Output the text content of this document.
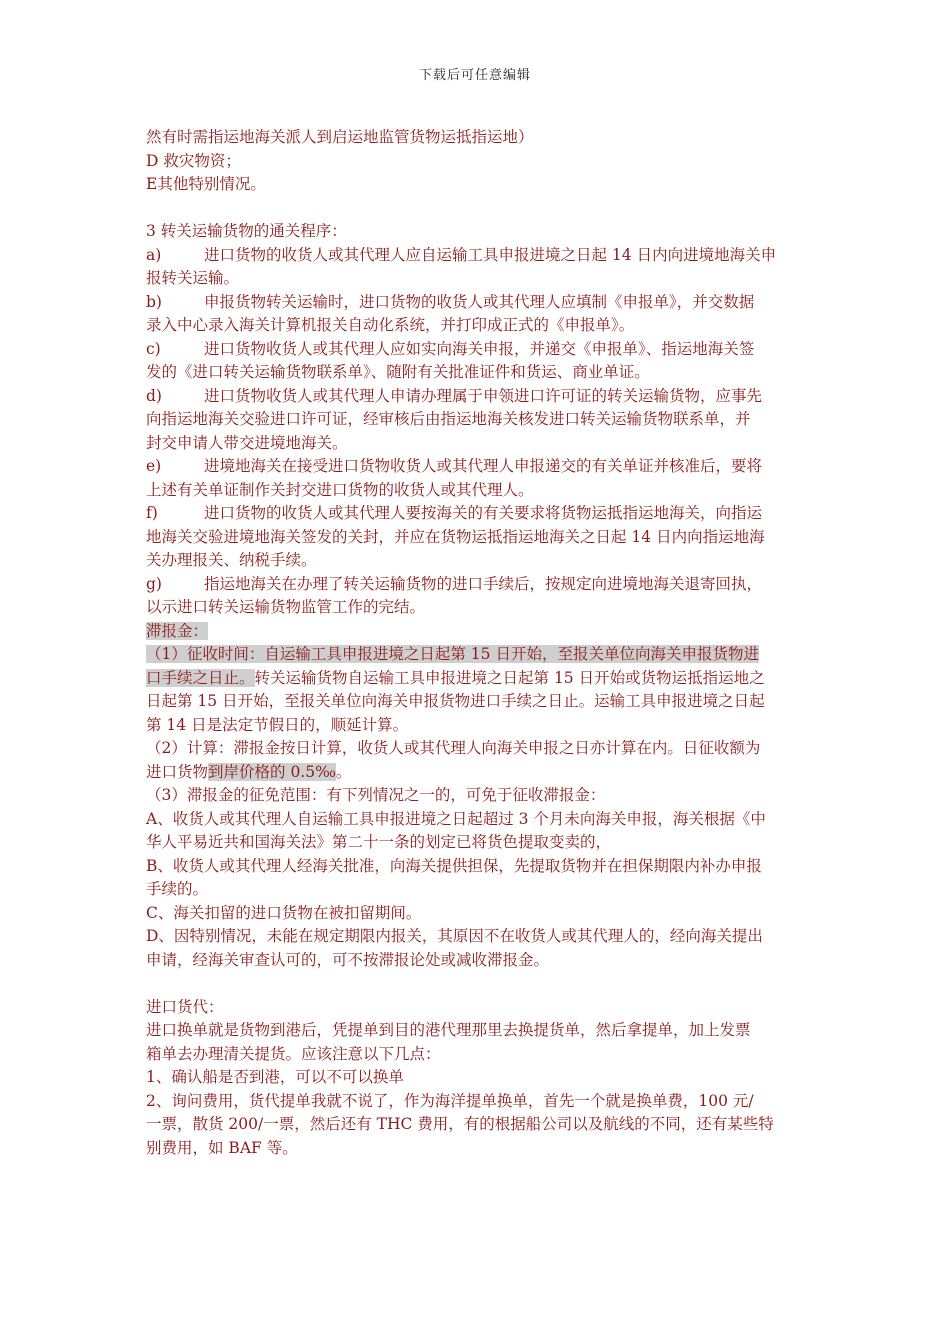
下载后可任意编辑
然有时需指运地海关派人到启运地监管货物运抵指运地）
D 救灾物资；
E其他特别情况。
3 转关运输货物的通关程序：
a)	进口货物的收货人或其代理人应自运输工具申报进境之日起 14 日内向进境地海关申
报转关运输。
b)	申报货物转关运输时，进口货物的收货人或其代理人应填制《申报单》，并交数据
录入中心录入海关计算机报关自动化系统，并打印成正式的《申报单》。
c)	进口货物收货人或其代理人应如实向海关申报，并递交《申报单》、指运地海关签
发的《进口转关运输货物联系单》、随附有关批准证件和货运、商业单证。
d)	进口货物收货人或其代理人申请办理属于申领进口许可证的转关运输货物，应事先
向指运地海关交验进口许可证，经审核后由指运地海关核发进口转关运输货物联系单，并
封交申请人带交进境地海关。
e)	进境地海关在接受进口货物收货人或其代理人申报递交的有关单证并核准后，要将
上述有关单证制作关封交进口货物的收货人或其代理人。
f)	进口货物的收货人或其代理人要按海关的有关要求将货物运抵指运地海关，向指运
地海关交验进境地海关签发的关封，并应在货物运抵指运地海关之日起 14 日内向指运地海
关办理报关、纳税手续。
g)	指运地海关在办理了转关运输货物的进口手续后，按规定向进境地海关退寄回执，
以示进口转关运输货物监管工作的完结。
滞报金：
（1）征收时间：自运输工具申报进境之日起第 15 日开始，至报关单位向海关申报货物进
口手续之日止。转关运输货物自运输工具申报进境之日起第 15 日开始或货物运抵指运地之
日起第 15 日开始，至报关单位向海关申报货物进口手续之日止。运输工具申报进境之日起
第 14 日是法定节假日的，顺延计算。
（2）计算：滞报金按日计算，收货人或其代理人向海关申报之日亦计算在内。日征收额为
进口货物到岸价格的 0.5‰。
（3）滞报金的征免范围：有下列情况之一的，可免于征收滞报金：
A、收货人或其代理人自运输工具申报进境之日起超过 3 个月未向海关申报，海关根据《中
华人平易近共和国海关法》第二十一条的划定已将货色提取变卖的，
B、收货人或其代理人经海关批准，向海关提供担保，先提取货物并在担保期限内补办申报
手续的。
C、海关扣留的进口货物在被扣留期间。
D、因特别情况，未能在规定期限内报关，其原因不在收货人或其代理人的，经向海关提出
申请，经海关审查认可的，可不按滞报论处或减收滞报金。
进口货代：
进口换单就是货物到港后，凭提单到目的港代理那里去换提货单，然后拿提单，加上发票
箱单去办理清关提货。应该注意以下几点：
1、确认船是否到港，可以不可以换单
2、询问费用，货代提单我就不说了，作为海洋提单换单，首先一个就是换单费，100 元/
一票，散货 200/一票，然后还有 THC 费用，有的根据船公司以及航线的不同，还有某些特
别费用，如 BAF 等。
